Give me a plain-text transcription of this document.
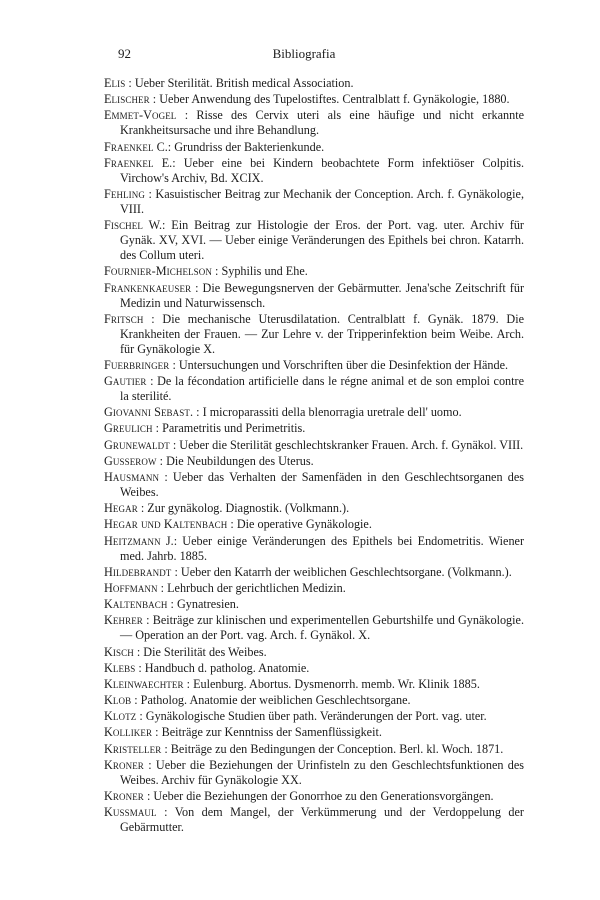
92	Bibliografia

Elis : Ueber Sterilität. British medical Association.

Elischer : Ueber Anwendung des Tupelostiftes. Centralblatt f. Gynäkologie, 1880.

Emmet-Vogel : Risse des Cervix uteri als eine häufige und nicht erkannte Krankheitsursache und ihre Behandlung.

Fraenkel C.: Grundriss der Bakterienkunde.

Fraenkel E.: Ueber eine bei Kindern beobachtete Form infektiöser Colpitis. Virchow's Archiv, Bd. XCIX.

Fehling : Kasuistischer Beitrag zur Mechanik der Conception. Arch. f. Gynäkologie, VIII.

Fischel W.: Ein Beitrag zur Histologie der Eros. der Port. vag. uter. Archiv für Gynäk. XV, XVI. — Ueber einige Veränderungen des Epithels bei chron. Katarrh. des Collum uteri.

Fournier-Michelson : Syphilis und Ehe.

Frankenkaeuser : Die Bewegungsnerven der Gebärmutter. Jena'sche Zeitschrift für Medizin und Naturwissensch.

Fritsch : Die mechanische Uterusdilatation. Centralblatt f. Gynäk. 1879. Die Krankheiten der Frauen. — Zur Lehre v. der Tripperinfektion beim Weibe. Arch. für Gynäkologie X.

Fuerbringer : Untersuchungen und Vorschriften über die Desinfektion der Hände.

Gautier : De la fécondation artificielle dans le régne animal et de son emploi contre la sterilité.

Giovanni Sebast. : I microparassiti della blenorragia uretrale dell' uomo.

Greulich : Parametritis und Perimetritis.

Grunewaldt : Ueber die Sterilität geschlechtskranker Frauen. Arch. f. Gynäkol. VIII.

Gusserow : Die Neubildungen des Uterus.

Hausmann : Ueber das Verhalten der Samenfäden in den Geschlechtsorganen des Weibes.

Hegar : Zur gynäkolog. Diagnostik. (Volkmann.).

Hegar und Kaltenbach : Die operative Gynäkologie.

Heitzmann J.: Ueber einige Veränderungen des Epithels bei Endometritis. Wiener med. Jahrb. 1885.

Hildebrandt : Ueber den Katarrh der weiblichen Geschlechtsorgane. (Volkmann.).

Hoffmann : Lehrbuch der gerichtlichen Medizin.

Kaltenbach : Gynatresien.

Kehrer : Beiträge zur klinischen und experimentellen Geburtshilfe und Gynäkologie. — Operation an der Port. vag. Arch. f. Gynäkol. X.

Kisch : Die Sterilität des Weibes.

Klebs : Handbuch d. patholog. Anatomie.

Kleinwaechter : Eulenburg. Abortus. Dysmenorrh. memb. Wr. Klinik 1885.

Klob : Patholog. Anatomie der weiblichen Geschlechtsorgane.

Klotz : Gynäkologische Studien über path. Veränderungen der Port. vag. uter.

Kolliker : Beiträge zur Kenntniss der Samenflüssigkeit.

Kristeller : Beiträge zu den Bedingungen der Conception. Berl. kl. Woch. 1871.

Kroner : Ueber die Beziehungen der Urinfisteln zu den Geschlechtsfunktionen des Weibes. Archiv für Gynäkologie XX.

Kroner : Ueber die Beziehungen der Gonorrhoe zu den Generationsvorgängen.

Kussmaul : Von dem Mangel, der Verkümmerung und der Verdoppelung der Gebärmutter.
